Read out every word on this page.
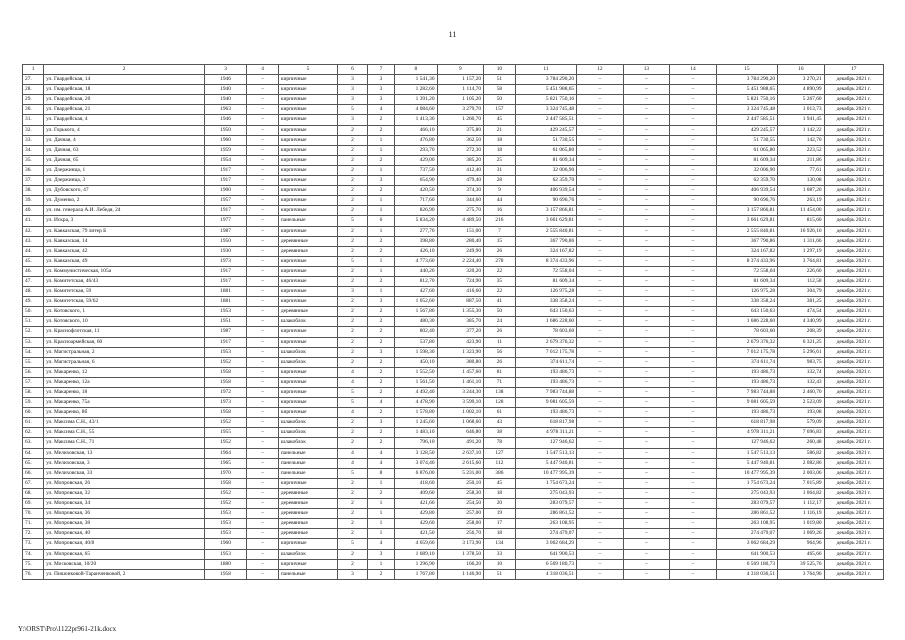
11
1	2	3	4	5	6	7	8	9	10	11	12	13	14	15	16	17
27.	ул. Гвардейская, 14	1946	–	кирпичные	3	3	1 541,30	1 157,20	51	3 784 290,20	–	–	–	3 784 290,20	3 270,21	декабрь 2021 г.
28.	ул. Гвардейская, 18	1940	–	кирпичные	3	3	1 282,60	1 114,70	58	5 451 988,65	–	–	–	5 451 988,65	4 890,99	декабрь 2021 г.
29.	ул. Гвардейская, 20	1940	–	кирпичные	3	3	1 391,20	1 105,20	50	5 821 750,16	–	–	–	5 821 750,16	5 267,60	декабрь 2021 г.
30.	ул. Гвардейская, 21	1963	–	кирпичные	5	4	4 084,60	3 279,70	157	3 324 745,48	–	–	–	3 324 745,48	1 013,73	декабрь 2021 г.
31.	ул. Гвардейская, 4	1946	–	кирпичные	3	2	1 413,30	1 260,70	45	2 447 585,51	–	–	–	2 447 585,51	1 941,45	декабрь 2021 г.
32.	ул. Горького, 4	1950	–	кирпичные	2	2	466,10	375,80	21	429 245,57	–	–	–	429 245,57	1 142,22	декабрь 2021 г.
33.	ул. Дачная, 4	1960	–	кирпичные	2	1	476,80	362,50	18	51 730,55	–	–	–	51 730,55	142,70	декабрь 2021 г.
34.	ул. Дачная, 63	1959	–	кирпичные	2	1	293,70	272,30	18	61 065,80	–	–	–	61 065,80	223,52	декабрь 2021 г.
35.	ул. Дачная, 65	1954	–	кирпичные	2	2	429,00	385,20	25	81 609,34	–	–	–	81 609,34	211,86	декабрь 2021 г.
36.	ул. Дзержинца, 1	1917	–	кирпичные	2	1	737,50	412,40	31	32 006,90	–	–	–	32 006,90	77,61	декабрь 2021 г.
37.	ул. Дзержинца, 3	1917	–	кирпичные	2	3	654,90	479,40	28	62 359,70	–	–	–	62 359,70	130,08	декабрь 2021 г.
38.	ул. Дубовского, 47	1900	–	кирпичные	2	2	420,50	374,30	9	406 939,54	–	–	–	406 939,54	1 087,20	декабрь 2021 г.
39.	ул. Думенко, 2	1957	–	кирпичные	2	1	717,60	344,60	44	90 696,76	–	–	–	90 696,76	263,19	декабрь 2021 г.
40.	ул. им. генерала А.И. Лебедя, 24	1917	–	кирпичные	2	1	826,90	275,70	16	3 157 866,81	–	–	–	3 157 866,81	11 454,00	декабрь 2021 г.
41.	ул. Искра, 3	1977	–	панельные	5	6	5 834,20	4 489,50	216	3 661 629,81	–	–	–	3 661 629,81	815,60	декабрь 2021 г.
42.	ул. Кавказская, 79 литер Б	1987	–	кирпичные	2	1	277,70	151,00	7	2 555 840,81	–	–	–	2 555 840,81	16 926,10	декабрь 2021 г.
43.	ул. Кавказская, 14	1950	–	деревянные	2	2	398,80	280,40	15	367 790,86	–	–	–	367 790,86	1 311,66	декабрь 2021 г.
44.	ул. Кавказская, 42	1930	–	деревянные	2	2	426,10	249,90	26	324 167,82	–	–	–	324 167,82	1 297,19	декабрь 2021 г.
45.	ул. Кавказская, 49	1973	–	кирпичные	5	1	4 773,60	2 224,40	278	8 374 433,96	–	–	–	8 374 433,96	3 764,81	декабрь 2021 г.
46.	ул. Коммунистическая, 105а	1917	–	кирпичные	2	1	440,20	320,20	22	72 558,04	–	–	–	72 558,04	226,60	декабрь 2021 г.
47.	ул. Комитетская, 46/43	1917	–	кирпичные	2	2	812,70	724,90	35	81 609,34	–	–	–	81 609,34	112,58	декабрь 2021 г.
48.	ул. Комитетская, 59	1881	–	кирпичные	3	1	427,60	416,60	22	126 975,28	–	–	–	126 975,28	304,79	декабрь 2021 г.
49.	ул. Комитетская, 59/62	1881	–	кирпичные	2	3	1 052,60	887,50	41	338 358,24	–	–	–	338 358,24	381,25	декабрь 2021 г.
50.	ул. Котовского, 1	1953	–	деревянные	2	2	1 567,80	1 355,30	50	643 150,63	–	–	–	643 150,63	474,54	декабрь 2021 г.
51.	ул. Котовского, 10	1951	–	шлакоблок	2	2	480,30	385,70	24	1 686 228,60	–	–	–	1 686 228,60	4 340,99	декабрь 2021 г.
52.	ул. Краснофлотская, 11	1987	–	кирпичные	2	2	802,40	377,20	26	78 603,60	–	–	–	78 603,60	208,39	декабрь 2021 г.
53.	ул. Красноармейская, 60	1917	–	кирпичные	2	2	537,80	423,90	11	2 679 376,32	–	–	–	2 679 376,32	6 321,25	декабрь 2021 г.
54.	ул. Магистральная, 2	1953	–	шлакоблок	2	3	1 598,30	1 323,90	56	7 012 175,78	–	–	–	7 012 175,78	5 296,61	декабрь 2021 г.
55.	ул. Магистральная, 6	1952	–	шлакоблок	2	2	450,10	380,80	26	374 611,74	–	–	–	374 611,74	983,75	декабрь 2021 г.
56.	ул. Макаренко, 12	1958	–	кирпичные	4	2	1 552,50	1 457,60	81	193 486,73	–	–	–	193 486,73	132,74	декабрь 2021 г.
57.	ул. Макаренко, 12а	1958	–	кирпичные	4	2	1 561,50	1 461,10	71	193 486,73	–	–	–	193 486,73	132,43	декабрь 2021 г.
58.	ул. Макаренко, 18	1972	–	кирпичные	5	2	4 492,40	3 244,30	138	7 983 744,88	–	–	–	7 983 744,88	2 460,70	декабрь 2021 г.
59.	ул. Макаренко, 75а	1973	–	кирпичные	5	4	4 478,90	3 599,10	128	9 081 605,59	–	–	–	9 081 605,59	2 523,09	декабрь 2021 г.
60.	ул. Макаренко, 8б	1958	–	кирпичные	4	2	1 578,80	1 002,10	61	193 486,73	–	–	–	193 486,73	193,08	декабрь 2021 г.
61.	ул. Максима С.Н., 43/1	1952	–	шлакоблок	2	3	1 245,60	1 068,60	43	618 817,98	–	–	–	618 817,98	579,09	декабрь 2021 г.
62.	ул. Максима С.Н., 55	1955	–	шлакоблок	2	2	1 483,10	646,80	38	4 978 311,21	–	–	–	4 978 311,21	7 696,83	декабрь 2021 г.
63.	ул. Максима С.Н., 71	1952	–	шлакоблок	2	2	796,10	491,20	78	127 946,62	–	–	–	127 946,62	260,48	декабрь 2021 г.
64.	ул. Мелиховская, 13	1964	–	панельные	4	4	3 128,50	2 637,10	127	1 547 513,13	–	–	–	1 547 513,13	586,82	декабрь 2021 г.
65.	ул. Мелиховская, 3	1965	–	панельные	4	4	3 074,40	2 615,60	112	5 447 940,81	–	–	–	5 447 940,81	2 082,86	декабрь 2021 г.
66.	ул. Мелиховская, 33	1970	–	панельные	5	8	6 876,00	5 231,00	386	10 477 995,39	–	–	–	10 477 995,39	2 003,06	декабрь 2021 г.
67.	ул. Мопровская, 26	1958	–	кирпичные	2	1	418,60	250,10	45	1 754 673,24	–	–	–	1 754 673,24	7 015,89	декабрь 2021 г.
68.	ул. Мопровская, 32	1952	–	деревянные	2	2	409,60	258,30	18	275 043,93	–	–	–	275 043,93	1 064,82	декабрь 2021 г.
69.	ул. Мопровская, 34	1952	–	деревянные	2	1	421,60	254,50	20	283 079,57	–	–	–	283 079,57	1 112,17	декабрь 2021 г.
70.	ул. Мопровская, 36	1953	–	деревянные	2	1	429,80	257,00	19	286 861,52	–	–	–	286 861,52	1 116,19	декабрь 2021 г.
71.	ул. Мопровская, 38	1953	–	деревянные	2	1	429,60	258,00	17	263 108,95	–	–	–	263 108,95	1 019,80	декабрь 2021 г.
72.	ул. Мопровская, 40	1953	–	деревянные	2	1	421,50	256,70	18	274 479,07	–	–	–	274 479,07	1 069,26	декабрь 2021 г.
73.	ул. Мопровская, 40/8	1960	–	кирпичные	5	4	4 659,60	3 173,90	134	3 062 684,29	–	–	–	3 062 684,29	964,96	декабрь 2021 г.
74.	ул. Мопровская, 65	1953	–	шлакоблок	2	3	1 689,10	1 378,50	33	641 900,53	–	–	–	641 900,53	465,66	декабрь 2021 г.
75.	ул. Московская, 10/20	1880	–	кирпичные	2	1	1 296,90	166,20	10	6 569 180,73	–	–	–	6 569 180,73	39 525,76	декабрь 2021 г.
76.	ул. Пишонковой-Таранченковой, 2	1958	–	панельные	3	2	1 767,80	1 146,90	51	4 318 036,51	–	–	–	4 318 036,51	3 764,96	декабрь 2021 г.
Y:\ORST\Pro\1122pr961-21k.docx
